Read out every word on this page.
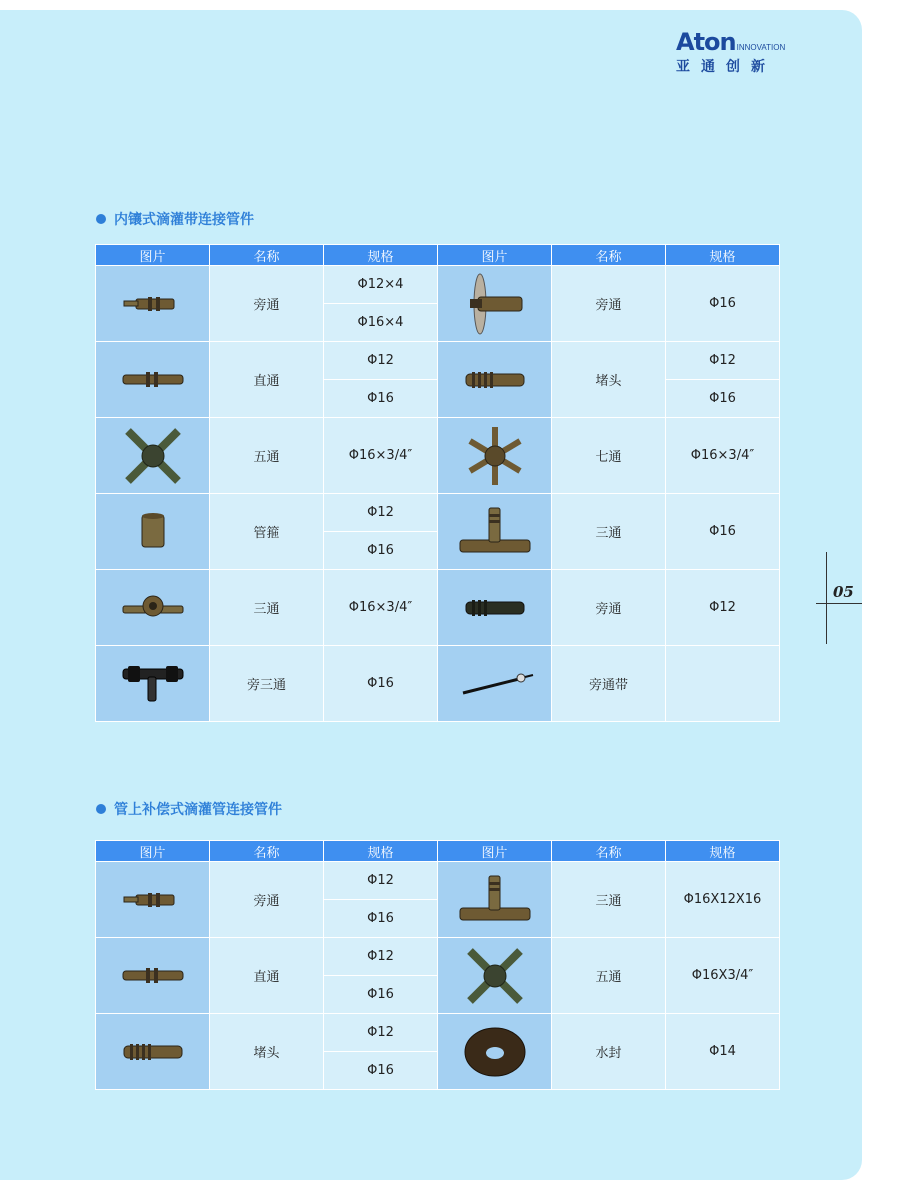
Aton INNOVATION
亚通创新
内镶式滴灌带连接管件
图片	名称	规格	图片	名称	规格

	旁通	Φ12×4		旁通	Φ16
		Φ16×4			

	直通	Φ12		堵头	Φ12
		Φ16			Φ16

	五通	Φ16×3/4″		七通	Φ16×3/4″

	管箍	Φ12		三通	Φ16
		Φ16			

	三通	Φ16×3/4″		旁通	Φ12

	旁三通	Φ16		旁通带	

管上补偿式滴灌管连接管件
图片	名称	规格	图片	名称	规格

	旁通	Φ12		三通	Φ16X12X16
		Φ16			

	直通	Φ12		五通	Φ16X3/4″
		Φ16			

	堵头	Φ12		水封	Φ14
		Φ16			
05
